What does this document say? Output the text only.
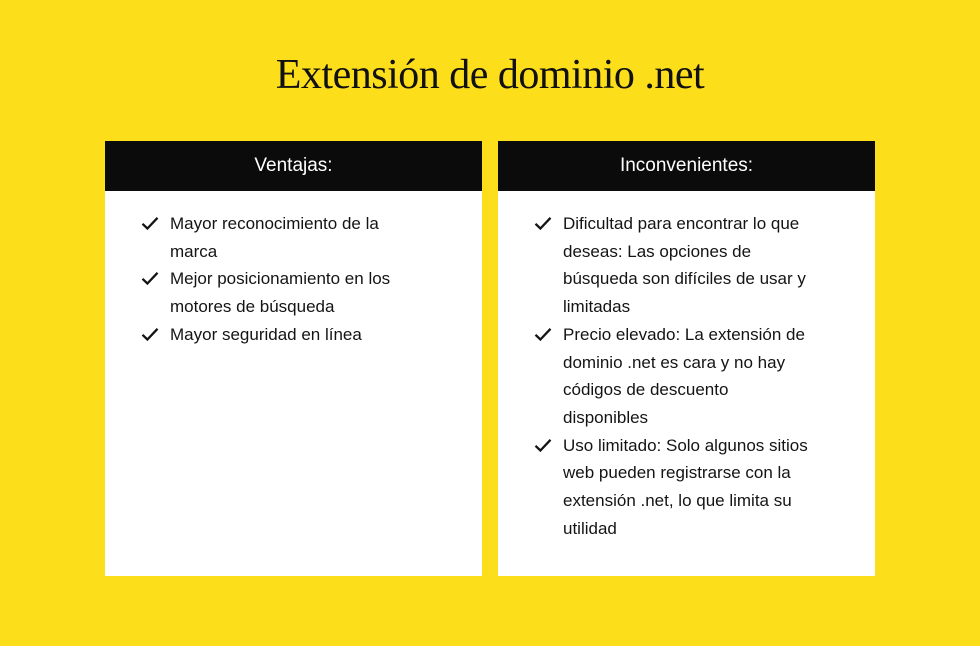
Extensión de dominio .net
Ventajas:
Mayor reconocimiento de la marca
Mejor posicionamiento en los motores de búsqueda
Mayor seguridad en línea
Inconvenientes:
Dificultad para encontrar lo que deseas: Las opciones de búsqueda son difíciles de usar y limitadas
Precio elevado: La extensión de dominio .net es cara y no hay códigos de descuento disponibles
Uso limitado: Solo algunos sitios web pueden registrarse con la extensión .net, lo que limita su utilidad
